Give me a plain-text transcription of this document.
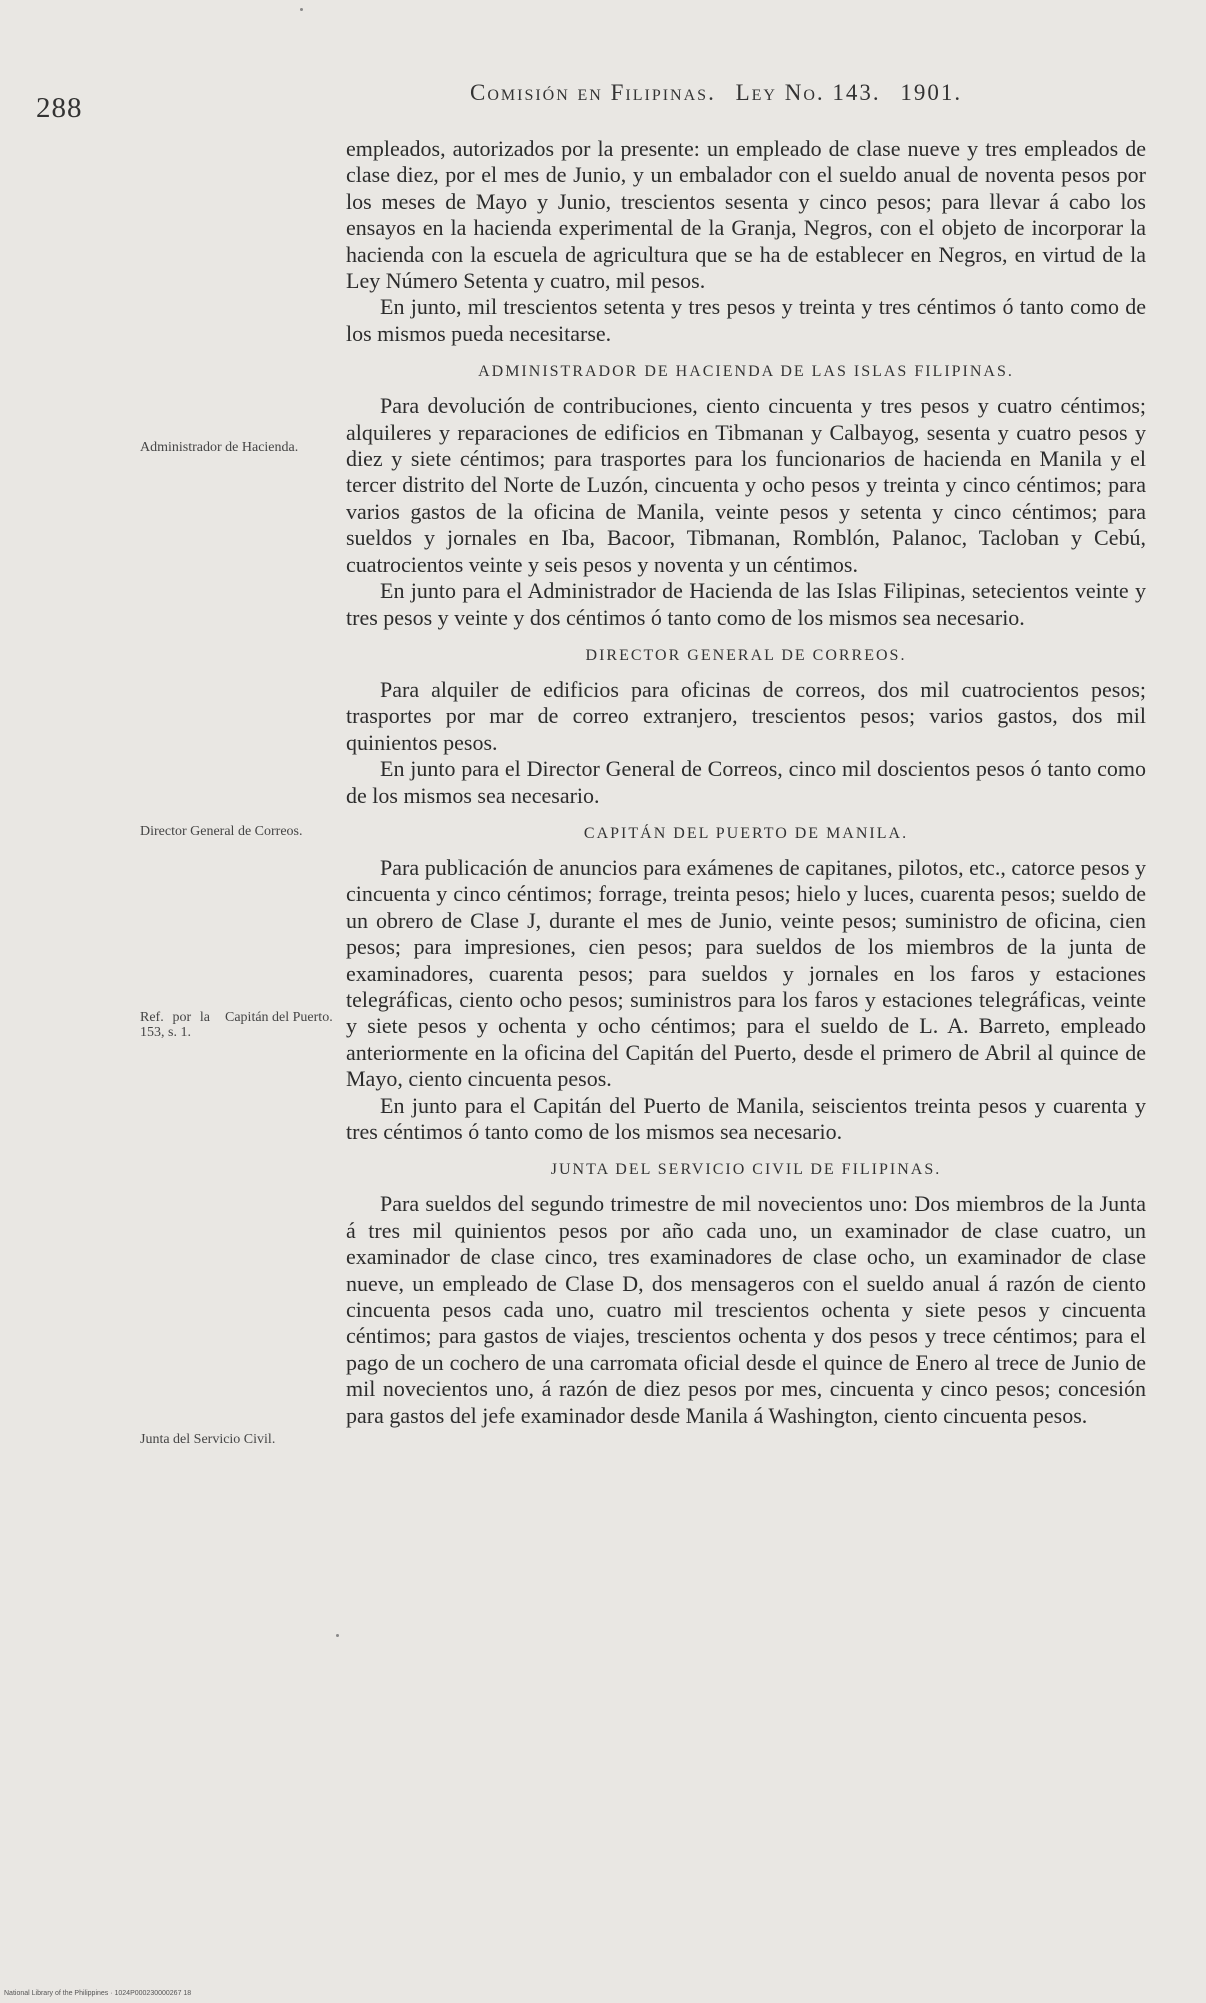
288	Comisión en Filipinas. Ley No. 143. 1901.
Administrador de Hacienda.
Director General de Correos.
Ref. por la 153, s. 1.
Capitán del Puerto.
Junta del Servicio Civil.

empleados, autorizados por la presente: un empleado de clase nueve y tres empleados de clase diez, por el mes de Junio, y un embalador con el sueldo anual de noventa pesos por los meses de Mayo y Junio, trescientos sesenta y cinco pesos; para llevar á cabo los ensayos en la hacienda experimental de la Granja, Negros, con el objeto de incorporar la hacienda con la escuela de agricultura que se ha de establecer en Negros, en virtud de la Ley Número Setenta y cuatro, mil pesos.

En junto, mil trescientos setenta y tres pesos y treinta y tres céntimos ó tanto como de los mismos pueda necesitarse.

ADMINISTRADOR DE HACIENDA DE LAS ISLAS FILIPINAS.

Para devolución de contribuciones, ciento cincuenta y tres pesos y cuatro céntimos; alquileres y reparaciones de edificios en Tibmanan y Calbayog, sesenta y cuatro pesos y diez y siete céntimos; para trasportes para los funcionarios de hacienda en Manila y el tercer distrito del Norte de Luzón, cincuenta y ocho pesos y treinta y cinco céntimos; para varios gastos de la oficina de Manila, veinte pesos y setenta y cinco céntimos; para sueldos y jornales en Iba, Bacoor, Tibmanan, Romblón, Palanoc, Tacloban y Cebú, cuatrocientos veinte y seis pesos y noventa y un céntimos.

En junto para el Administrador de Hacienda de las Islas Filipinas, setecientos veinte y tres pesos y veinte y dos céntimos ó tanto como de los mismos sea necesario.

DIRECTOR GENERAL DE CORREOS.

Para alquiler de edificios para oficinas de correos, dos mil cuatrocientos pesos; trasportes por mar de correo extranjero, trescientos pesos; varios gastos, dos mil quinientos pesos.

En junto para el Director General de Correos, cinco mil doscientos pesos ó tanto como de los mismos sea necesario.

CAPITÁN DEL PUERTO DE MANILA.

Para publicación de anuncios para exámenes de capitanes, pilotos, etc., catorce pesos y cincuenta y cinco céntimos; forrage, treinta pesos; hielo y luces, cuarenta pesos; sueldo de un obrero de Clase J, durante el mes de Junio, veinte pesos; suministro de oficina, cien pesos; para impresiones, cien pesos; para sueldos de los miembros de la junta de examinadores, cuarenta pesos; para sueldos y jornales en los faros y estaciones telegráficas, ciento ocho pesos; suministros para los faros y estaciones telegráficas, veinte y siete pesos y ochenta y ocho céntimos; para el sueldo de L. A. Barreto, empleado anteriormente en la oficina del Capitán del Puerto, desde el primero de Abril al quince de Mayo, ciento cincuenta pesos.

En junto para el Capitán del Puerto de Manila, seiscientos treinta pesos y cuarenta y tres céntimos ó tanto como de los mismos sea necesario.

JUNTA DEL SERVICIO CIVIL DE FILIPINAS.

Para sueldos del segundo trimestre de mil novecientos uno: Dos miembros de la Junta á tres mil quinientos pesos por año cada uno, un examinador de clase cuatro, un examinador de clase cinco, tres examinadores de clase ocho, un examinador de clase nueve, un empleado de Clase D, dos mensageros con el sueldo anual á razón de ciento cincuenta pesos cada uno, cuatro mil trescientos ochenta y siete pesos y cincuenta céntimos; para gastos de viajes, trescientos ochenta y dos pesos y trece céntimos; para el pago de un cochero de una carromata oficial desde el quince de Enero al trece de Junio de mil novecientos uno, á razón de diez pesos por mes, cincuenta y cinco pesos; concesión para gastos del jefe examinador desde Manila á Washington, ciento cincuenta pesos.

National Library of the Philippines · 1024P000230000267 18
